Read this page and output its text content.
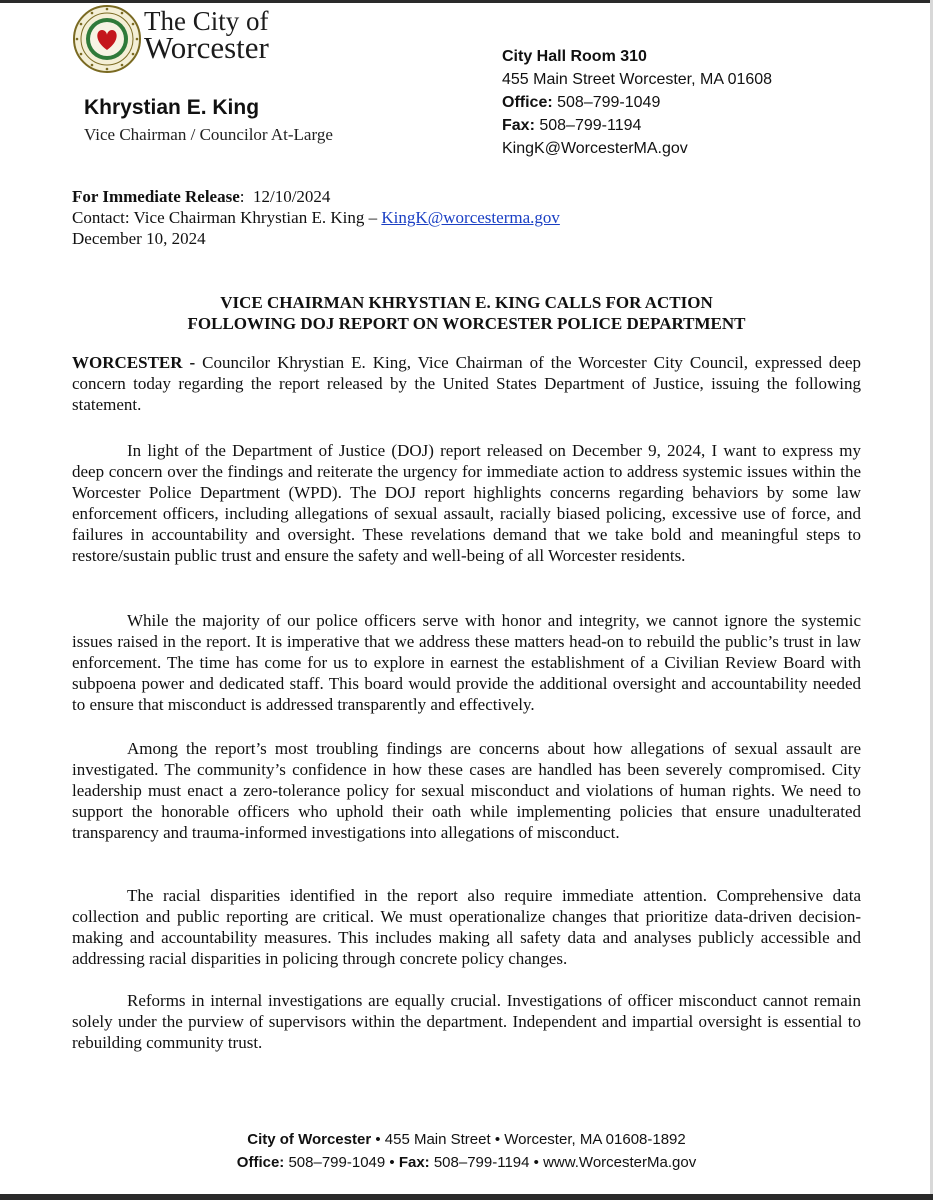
The City of
Worcester
Khrystian E. King
Vice Chairman / Councilor At-Large
City Hall Room 310
455 Main Street Worcester, MA 01608
Office: 508–799-1049
Fax: 508–799-1194
KingK@WorcesterMA.gov
For Immediate Release:  12/10/2024
Contact: Vice Chairman Khrystian E. King – KingK@worcesterma.gov
December 10, 2024
VICE CHAIRMAN KHRYSTIAN E. KING CALLS FOR ACTION
FOLLOWING DOJ REPORT ON WORCESTER POLICE DEPARTMENT
WORCESTER - Councilor Khrystian E. King, Vice Chairman of the Worcester City Council, expressed deep concern today regarding the report released by the United States Department of Justice, issuing the following statement.
In light of the Department of Justice (DOJ) report released on December 9, 2024, I want to express my deep concern over the findings and reiterate the urgency for immediate action to address systemic issues within the Worcester Police Department (WPD). The DOJ report highlights concerns regarding behaviors by some law enforcement officers, including allegations of sexual assault, racially biased policing, excessive use of force, and failures in accountability and oversight. These revelations demand that we take bold and meaningful steps to restore/sustain public trust and ensure the safety and well-being of all Worcester residents.
While the majority of our police officers serve with honor and integrity, we cannot ignore the systemic issues raised in the report. It is imperative that we address these matters head-on to rebuild the public’s trust in law enforcement. The time has come for us to explore in earnest the establishment of a Civilian Review Board with subpoena power and dedicated staff. This board would provide the additional oversight and accountability needed to ensure that misconduct is addressed transparently and effectively.
Among the report’s most troubling findings are concerns about how allegations of sexual assault are investigated. The community’s confidence in how these cases are handled has been severely compromised. City leadership must enact a zero-tolerance policy for sexual misconduct and violations of human rights. We need to support the honorable officers who uphold their oath while implementing policies that ensure unadulterated transparency and trauma-informed investigations into allegations of misconduct.
The racial disparities identified in the report also require immediate attention. Comprehensive data collection and public reporting are critical. We must operationalize changes that prioritize data-driven decision-making and accountability measures. This includes making all safety data and analyses publicly accessible and addressing racial disparities in policing through concrete policy changes.
Reforms in internal investigations are equally crucial. Investigations of officer misconduct cannot remain solely under the purview of supervisors within the department. Independent and impartial oversight is essential to rebuilding community trust.
City of Worcester • 455 Main Street • Worcester, MA 01608-1892
Office: 508–799-1049 • Fax: 508–799-1194 • www.WorcesterMa.gov
